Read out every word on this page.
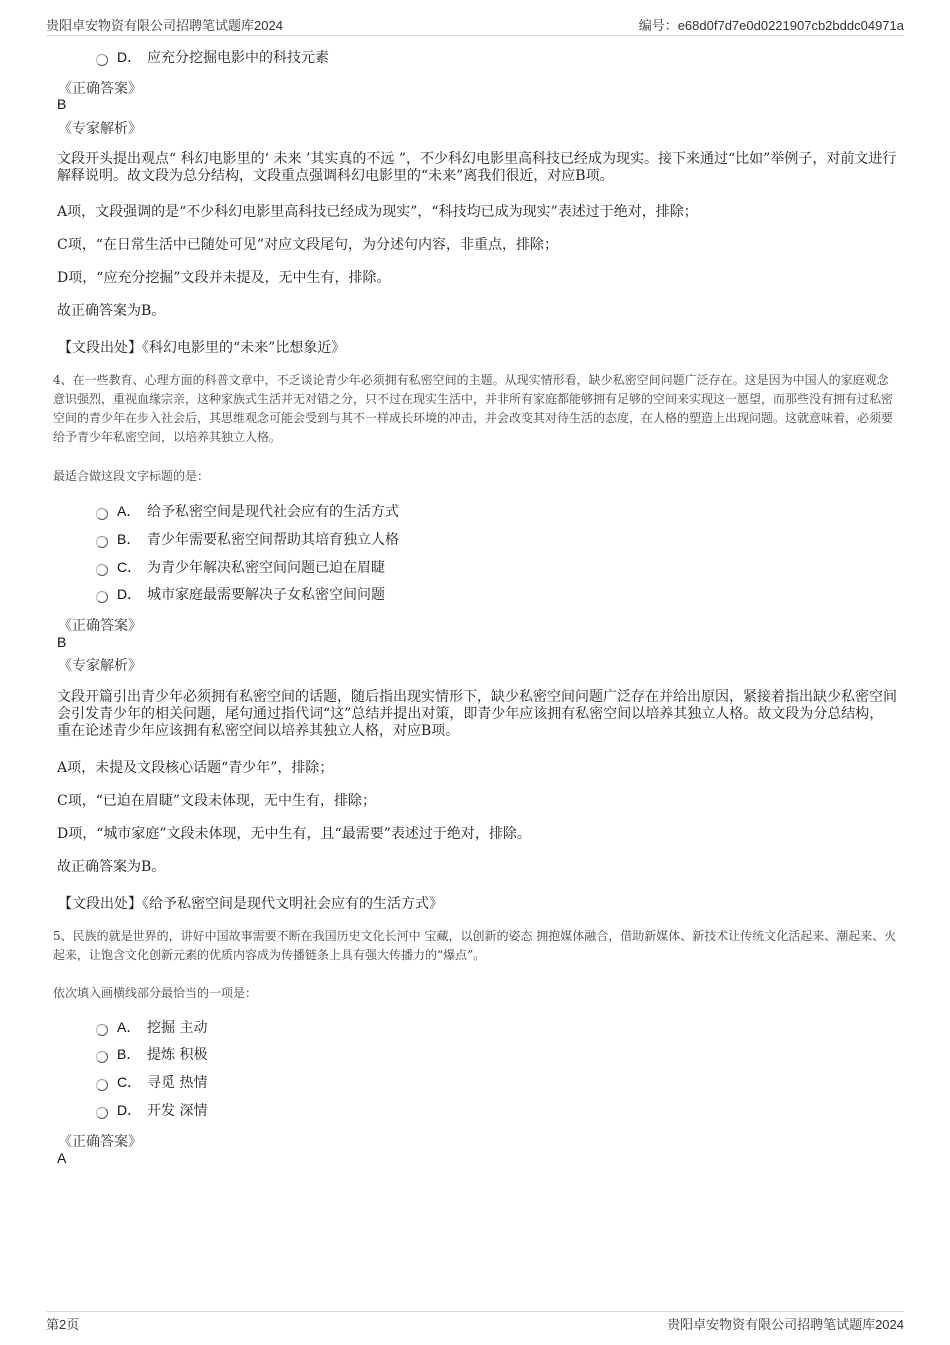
贵阳卓安物资有限公司招聘笔试题库2024	编号：e68d0f7d7e0d0221907cb2bddc04971a
D． 应充分挖掘电影中的科技元素
《正确答案》
B
《专家解析》
文段开头提出观点“ 科幻电影里的‘ 未来 ’其实真的不远 ”，不少科幻电影里高科技已经成为现实。接下来通过“比如”举例子，对前文进行解释说明。故文段为总分结构，文段重点强调科幻电影里的“未来”离我们很近，对应B项。
A项，文段强调的是“不少科幻电影里高科技已经成为现实”，“科技均已成为现实”表述过于绝对，排除；
C项，“在日常生活中已随处可见”对应文段尾句，为分述句内容，非重点，排除；
D项，“应充分挖掘”文段并未提及，无中生有，排除。
故正确答案为B。
【文段出处】《科幻电影里的“未来”比想象近》
4、在一些教育、心理方面的科普文章中，不乏谈论青少年必须拥有私密空间的主题。从现实情形看，缺少私密空间问题广泛存在。这是因为中国人的家庭观念意识强烈，重视血缘宗亲，这种家族式生活并无对错之分，只不过在现实生活中，并非所有家庭都能够拥有足够的空间来实现这一愿望，而那些没有拥有过私密空间的青少年在步入社会后，其思维观念可能会受到与其不一样成长环境的冲击，并会改变其对待生活的态度，在人格的塑造上出现问题。这就意味着，必须要给予青少年私密空间，以培养其独立人格。
最适合做这段文字标题的是：
A． 给予私密空间是现代社会应有的生活方式
B． 青少年需要私密空间帮助其培育独立人格
C． 为青少年解决私密空间问题已迫在眉睫
D． 城市家庭最需要解决子女私密空间问题
《正确答案》
B
《专家解析》
文段开篇引出青少年必须拥有私密空间的话题，随后指出现实情形下，缺少私密空间问题广泛存在并给出原因，紧接着指出缺少私密空间会引发青少年的相关问题，尾句通过指代词“这”总结并提出对策，即青少年应该拥有私密空间以培养其独立人格。故文段为分总结构，重在论述青少年应该拥有私密空间以培养其独立人格，对应B项。
A项，未提及文段核心话题“青少年”，排除；
C项，“已迫在眉睫”文段未体现，无中生有，排除；
D项，“城市家庭”文段未体现，无中生有，且“最需要”表述过于绝对，排除。
故正确答案为B。
【文段出处】《给予私密空间是现代文明社会应有的生活方式》
5、民族的就是世界的，讲好中国故事需要不断在我国历史文化长河中 宝藏，以创新的姿态 拥抱媒体融合，借助新媒体、新技术让传统文化活起来、潮起来、火起来，让饱含文化创新元素的优质内容成为传播链条上具有强大传播力的“爆点”。
依次填入画横线部分最恰当的一项是：
A． 挖掘 主动
B． 提炼 积极
C． 寻觅 热情
D． 开发 深情
《正确答案》
A
第2页	贵阳卓安物资有限公司招聘笔试题库2024
